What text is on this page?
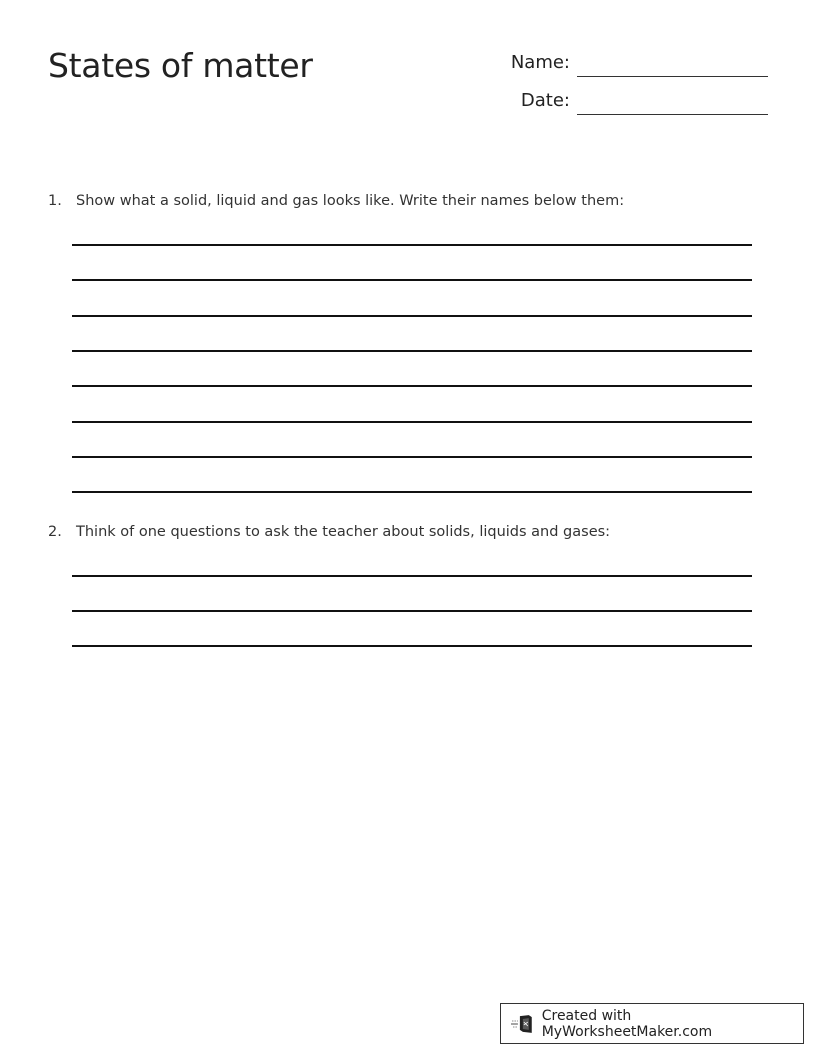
States of matter	Name:
Date:
1. Show what a solid, liquid and gas looks like. Write their names below them:
2. Think of one questions to ask the teacher about solids, liquids and gases:
Created with MyWorksheetMaker.com
